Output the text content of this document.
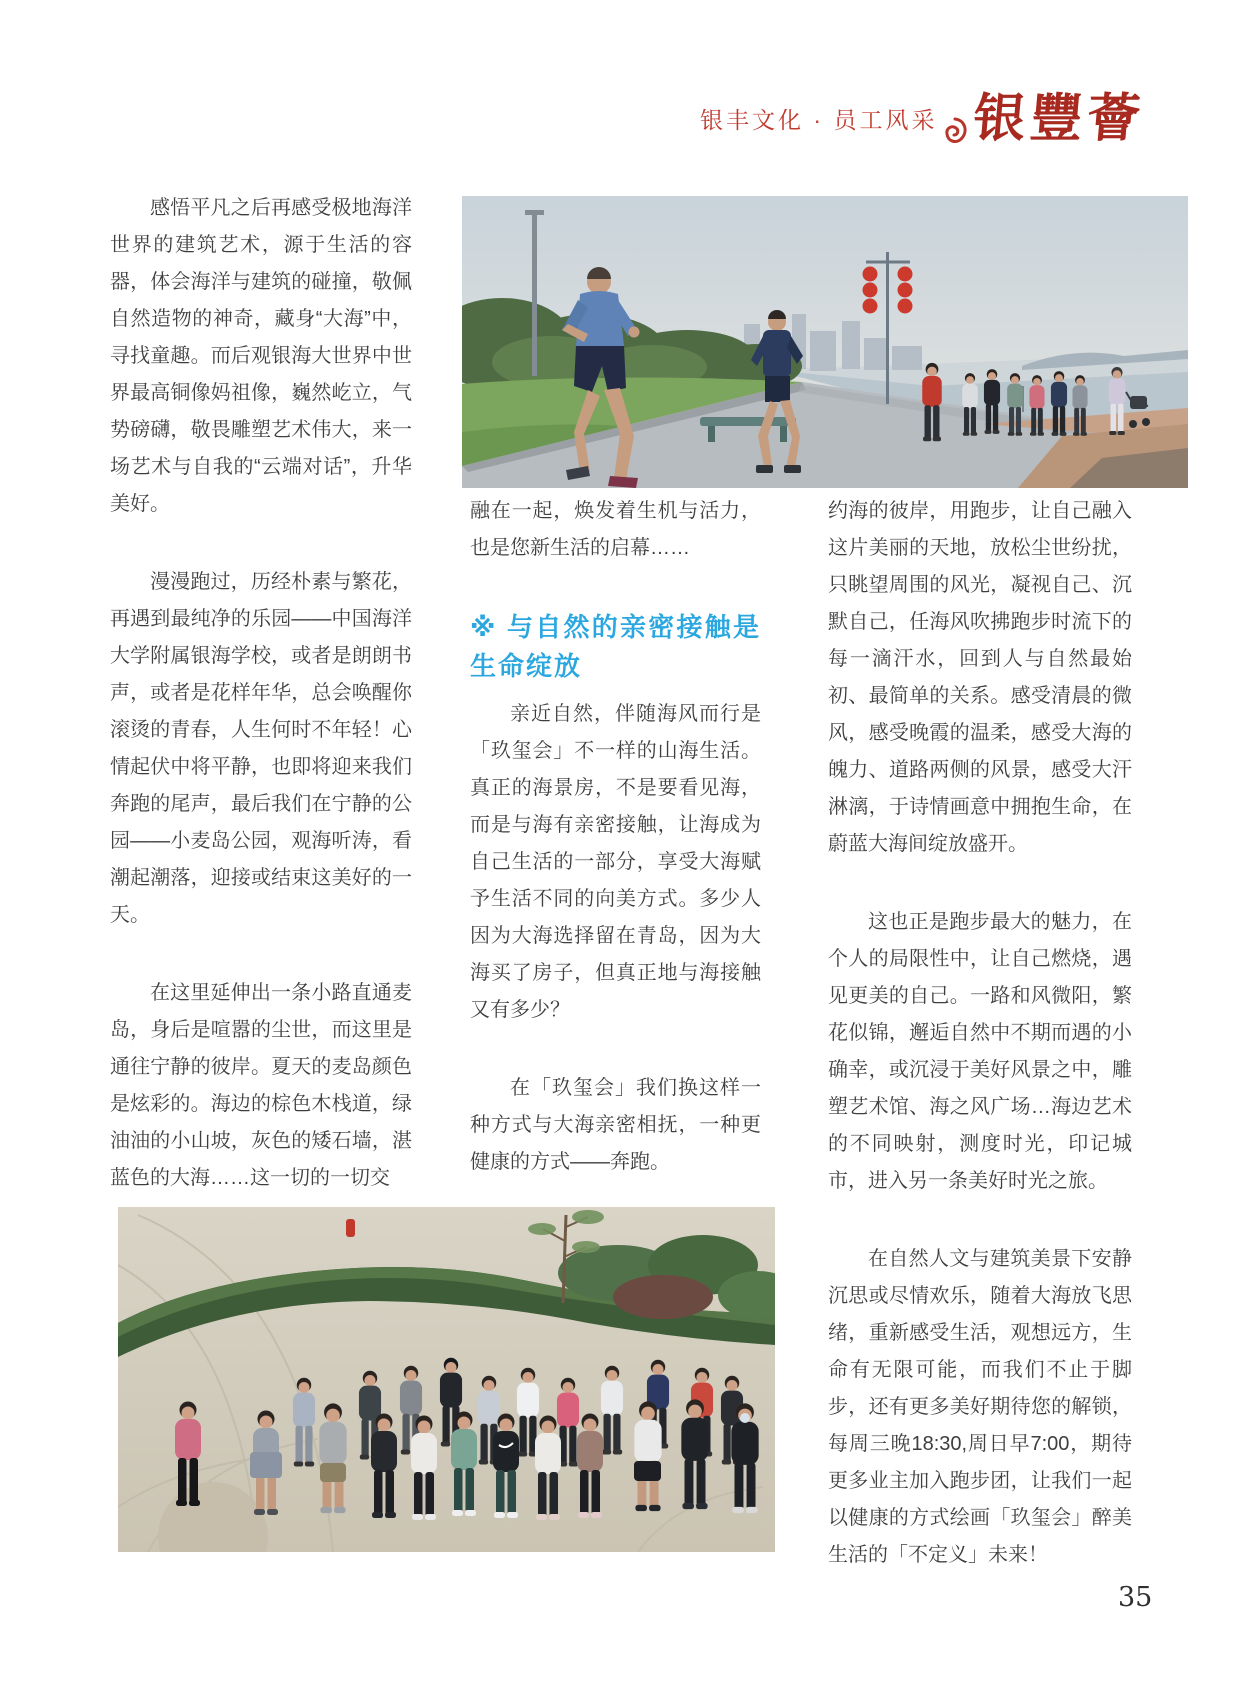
银丰文化 · 员工风采 银豐薈

感悟平凡之后再感受极地海洋世界的建筑艺术，源于生活的容器，体会海洋与建筑的碰撞，敬佩自然造物的神奇，藏身“大海”中，寻找童趣。而后观银海大世界中世界最高铜像妈祖像，巍然屹立，气势磅礴，敬畏雕塑艺术伟大，来一场艺术与自我的“云端对话”，升华美好。

漫漫跑过，历经朴素与繁花，再遇到最纯净的乐园——中国海洋大学附属银海学校，或者是朗朗书声，或者是花样年华，总会唤醒你滚烫的青春，人生何时不年轻！心情起伏中将平静，也即将迎来我们奔跑的尾声，最后我们在宁静的公园——小麦岛公园，观海听涛，看潮起潮落，迎接或结束这美好的一天。

在这里延伸出一条小路直通麦岛，身后是喧嚣的尘世，而这里是通往宁静的彼岸。夏天的麦岛颜色是炫彩的。海边的棕色木栈道，绿油油的小山坡，灰色的矮石墙，湛蓝色的大海……这一切的一切交

融在一起，焕发着生机与活力，也是您新生活的启幕……

※ 与自然的亲密接触是生命绽放

亲近自然，伴随海风而行是「玖玺会」不一样的山海生活。真正的海景房，不是要看见海，而是与海有亲密接触，让海成为自己生活的一部分，享受大海赋予生活不同的向美方式。多少人因为大海选择留在青岛，因为大海买了房子，但真正地与海接触又有多少？

在「玖玺会」我们换这样一种方式与大海亲密相抚，一种更健康的方式——奔跑。

约海的彼岸，用跑步，让自己融入这片美丽的天地，放松尘世纷扰，只眺望周围的风光，凝视自己、沉默自己，任海风吹拂跑步时流下的每一滴汗水，回到人与自然最始初、最简单的关系。感受清晨的微风，感受晚霞的温柔，感受大海的魄力、道路两侧的风景，感受大汗淋漓，于诗情画意中拥抱生命，在蔚蓝大海间绽放盛开。

这也正是跑步最大的魅力，在个人的局限性中，让自己燃烧，遇见更美的自己。一路和风微阳，繁花似锦，邂逅自然中不期而遇的小确幸，或沉浸于美好风景之中，雕塑艺术馆、海之风广场…海边艺术的不同映射，测度时光，印记城市，进入另一条美好时光之旅。

在自然人文与建筑美景下安静沉思或尽情欢乐，随着大海放飞思绪，重新感受生活，观想远方，生命有无限可能，而我们不止于脚步，还有更多美好期待您的解锁，每周三晚18:30,周日早7:00，期待更多业主加入跑步团，让我们一起以健康的方式绘画「玖玺会」醉美生活的「不定义」未来！

35
